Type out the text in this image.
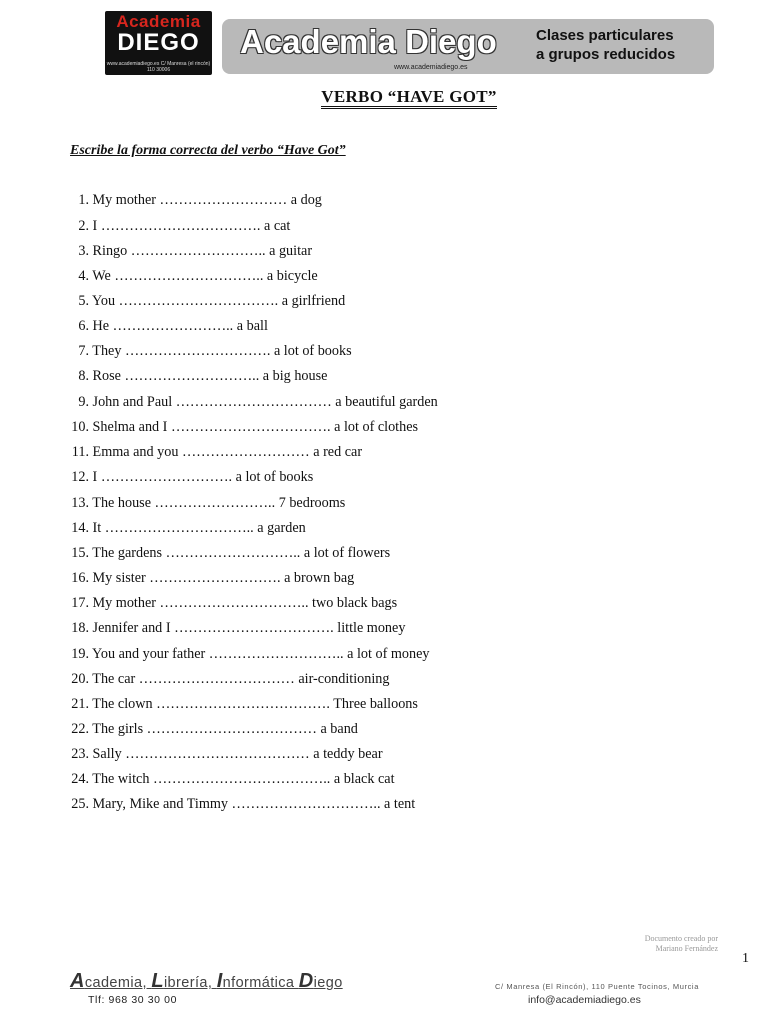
Academia
DIEGO
www.academiadiego.es C/ Manresa (el rincón) 110 30006
Academia Diego
www.academiadiego.es
Clases particulares
a grupos reducidos
VERBO “HAVE GOT”
Escribe la forma correcta del verbo “Have Got”
1. My mother ……………………… a dog
2. I ……………………………. a cat
3. Ringo ……………………….. a guitar
4. We ………………………….. a bicycle
5. You ……………………………. a girlfriend
6. He …………………….. a ball
7. They …………………………. a lot of books
8. Rose ……………………….. a big house
9. John and Paul …………………………… a beautiful garden
10. Shelma and I ……………………………. a lot of clothes
11. Emma and you ……………………… a red car
12. I ………………………. a lot of books
13. The house …………………….. 7 bedrooms
14. It ………………………….. a garden
15. The gardens ……………………….. a lot of flowers
16. My sister ………………………. a brown bag
17. My mother ………………………….. two black bags
18. Jennifer and I ……………………………. little money
19. You and your father ……………………….. a lot of money
20. The car …………………………… air-conditioning
21. The clown ………………………………. Three balloons
22. The girls ……………………………… a band
23. Sally ………………………………… a teddy bear
24. The witch ……………………………….. a black cat
25. Mary, Mike and Timmy ………………………….. a tent
Documento creado por
Mariano Fernández
1
Academia, Librería, Informática Diego
Tlf: 968 30 30 00
C/ Manresa (El Rincón), 110 Puente Tocinos, Murcia
info@academiadiego.es
